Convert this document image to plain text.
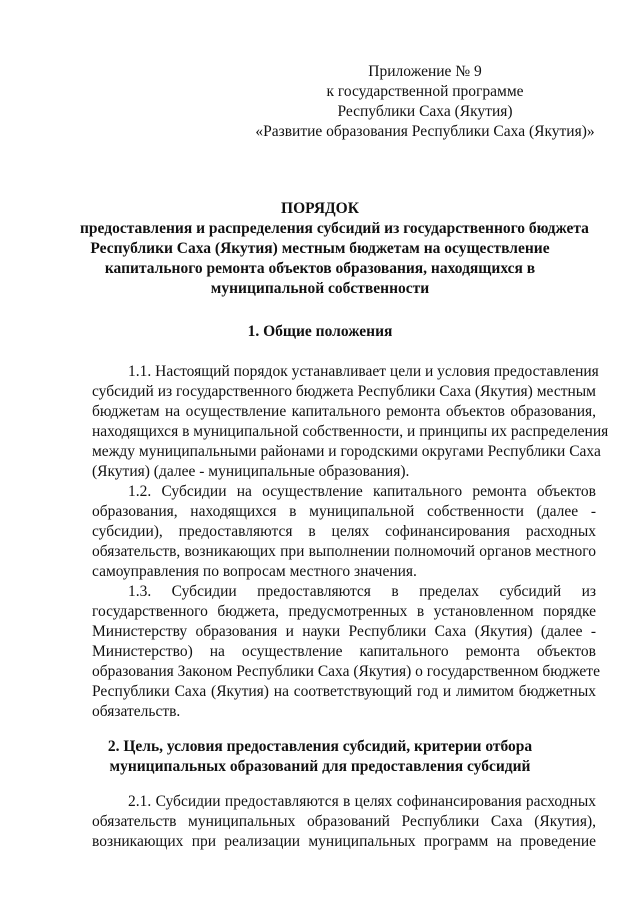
Приложение № 9
к государственной программе
Республики Саха (Якутия)
«Развитие образования Республики Саха (Якутия)»
ПОРЯДОК
предоставления и распределения субсидий из государственного бюджета
Республики Саха (Якутия) местным бюджетам на осуществление
капитального ремонта объектов образования, находящихся в
муниципальной собственности
1. Общие положения
1.1. Настоящий порядок устанавливает цели и условия предоставления
субсидий из государственного бюджета Республики Саха (Якутия) местным
бюджетам на осуществление капитального ремонта объектов образования,
находящихся в муниципальной собственности, и принципы их распределения
между муниципальными районами и городскими округами Республики Саха
(Якутия) (далее - муниципальные образования).
1.2. Субсидии на осуществление капитального ремонта объектов
образования, находящихся в муниципальной собственности (далее -
субсидии), предоставляются в целях софинансирования расходных
обязательств, возникающих при выполнении полномочий органов местного
самоуправления по вопросам местного значения.
1.3. Субсидии предоставляются в пределах субсидий из
государственного бюджета, предусмотренных в установленном порядке
Министерству образования и науки Республики Саха (Якутия) (далее -
Министерство) на осуществление капитального ремонта объектов
образования Законом Республики Саха (Якутия) о государственном бюджете
Республики Саха (Якутия) на соответствующий год и лимитом бюджетных
обязательств.
2. Цель, условия предоставления субсидий, критерии отбора
муниципальных образований для предоставления субсидий
2.1. Субсидии предоставляются в целях софинансирования расходных
обязательств муниципальных образований Республики Саха (Якутия),
возникающих при реализации муниципальных программ на проведение
